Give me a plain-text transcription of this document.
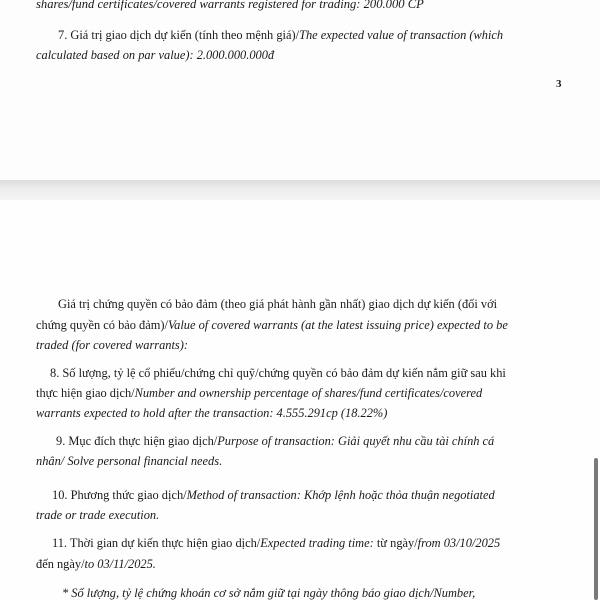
shares/fund certificates/covered warrants registered for trading: 200.000 CP
7. Giá trị giao dịch dự kiến (tính theo mệnh giá)/The expected value of transaction (which
calculated based on par value): 2.000.000.000đ
3
Giá trị chứng quyền có bảo đảm (theo giá phát hành gần nhất) giao dịch dự kiến (đối với
chứng quyền có bảo đảm)/Value of covered warrants (at the latest issuing price) expected to be
traded (for covered warrants):
8. Số lượng, tỷ lệ cổ phiếu/chứng chỉ quỹ/chứng quyền có bảo đảm dự kiến nắm giữ sau khi
thực hiện giao dịch/Number and ownership percentage of shares/fund certificates/covered
warrants expected to hold after the transaction: 4.555.291cp (18.22%)
9. Mục đích thực hiện giao dịch/Purpose of transaction: Giải quyết nhu cầu tài chính cá
nhân/ Solve personal financial needs.
10. Phương thức giao dịch/Method of transaction: Khớp lệnh hoặc thỏa thuận negotiated
trade or trade execution.
11. Thời gian dự kiến thực hiện giao dịch/Expected trading time: từ ngày/from 03/10/2025
đến ngày/to 03/11/2025.
* Số lượng, tỷ lệ chứng khoán cơ sở nắm giữ tại ngày thông báo giao dịch/Number,
